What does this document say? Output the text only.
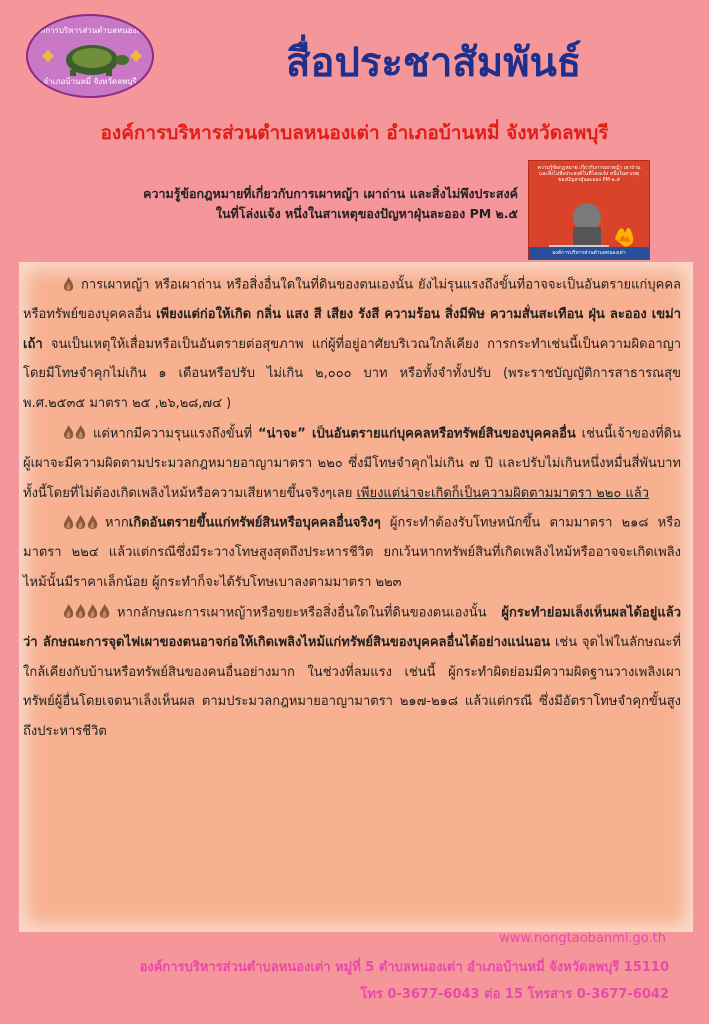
องค์การบริหารส่วนตำบลหนองเต่า
อำเภอบ้านหมี่ จังหวัดลพบุรี	สื่อประชาสัมพันธ์
องค์การบริหารส่วนตำบลหนองเต่า อำเภอบ้านหมี่ จังหวัดลพบุรี
ความรู้ข้อกฎหมายที่เกี่ยวกับการเผาหญ้า เผาถ่าน และสิ่งไม่พึงประสงค์
ในที่โล่งแจ้ง หนึ่งในสาเหตุของปัญหาฝุ่นละออง PM ๒.๕
ความรู้ข้อกฎหมาย เกี่ยวกับการเผาหญ้า เผาถ่าน และสิ่งไม่พึงประสงค์ในที่โล่งแจ้ง หนึ่งในสาเหตุของปัญหาฝุ่นละออง PM ๒.๕
องค์การบริหารส่วนตำบลหนองเต่า

การเผาหญ้า หรือเผาถ่าน หรือสิ่งอื่นใดในที่ดินของตนเองนั้น ยังไม่รุนแรงถึงขั้นที่อาจจะเป็นอันตรายแก่บุคคลหรือทรัพย์ของบุคคลอื่น เพียงแต่ก่อให้เกิด กลิ่น แสง สี เสียง รังสี ความร้อน สิ่งมีพิษ ความสั่นสะเทือน ฝุ่น ละออง เขม่า เถ้า จนเป็นเหตุให้เสื่อมหรือเป็นอันตรายต่อสุขภาพ แก่ผู้ที่อยู่อาศัยบริเวณใกล้เคียง การกระทำเช่นนี้เป็นความผิดอาญา โดยมีโทษจำคุกไม่เกิน ๑ เดือนหรือปรับ ไม่เกิน ๒,๐๐๐ บาท หรือทั้งจำทั้งปรับ (พระราชบัญญัติการสาธารณสุข พ.ศ.๒๕๓๕ มาตรา ๒๕ ,๒๖,๒๘,๗๔ )

แต่หากมีความรุนแรงถึงขั้นที่ “น่าจะ” เป็นอันตรายแก่บุคคลหรือทรัพย์สินของบุคคลอื่น เช่นนี้เจ้าของที่ดินผู้เผาจะมีความผิดตามประมวลกฎหมายอาญามาตรา ๒๒๐ ซึ่งมีโทษจำคุกไม่เกิน ๗ ปี และปรับไม่เกินหนึ่งหมื่นสี่พันบาท ทั้งนี้โดยที่ไม่ต้องเกิดเพลิงไหม้หรือความเสียหายขึ้นจริงๆเลย เพียงแต่น่าจะเกิดก็เป็นความผิดตามมาตรา ๒๒๐ แล้ว

หากเกิดอันตรายขึ้นแก่ทรัพย์สินหรือบุคคลอื่นจริงๆ ผู้กระทำต้องรับโทษหนักขึ้น ตามมาตรา ๒๑๘ หรือมาตรา ๒๒๔ แล้วแต่กรณีซึ่งมีระวางโทษสูงสุดถึงประหารชีวิต ยกเว้นหากทรัพย์สินที่เกิดเพลิงไหม้หรืออาจจะเกิดเพลิงไหม้นั้นมีราคาเล็กน้อย ผู้กระทำก็จะได้รับโทษเบาลงตามมาตรา ๒๒๓

หากลักษณะการเผาหญ้าหรือขยะหรือสิ่งอื่นใดในที่ดินของตนเองนั้น ผู้กระทำย่อมเล็งเห็นผลได้อยู่แล้วว่า ลักษณะการจุดไฟเผาของตนอาจก่อให้เกิดเพลิงไหม้แก่ทรัพย์สินของบุคคลอื่นได้อย่างแน่นอน เช่น จุดไฟในลักษณะที่ใกล้เคียงกับบ้านหรือทรัพย์สินของคนอื่นอย่างมาก ในช่วงที่ลมแรง เช่นนี้ ผู้กระทำผิดย่อมมีความผิดฐานวางเพลิงเผาทรัพย์ผู้อื่นโดยเจตนาเล็งเห็นผล ตามประมวลกฎหมายอาญามาตรา ๒๑๗-๒๑๘ แล้วแต่กรณี ซึ่งมีอัตราโทษจำคุกขั้นสูงถึงประหารชีวิต

www.nongtaobanmi.go.th
องค์การบริหารส่วนตำบลหนองเต่า หมู่ที่ 5 ตำบลหนองเต่า อำเภอบ้านหมี่ จังหวัดลพบุรี 15110
โทร 0-3677-6043 ต่อ 15 โทรสาร 0-3677-6042
